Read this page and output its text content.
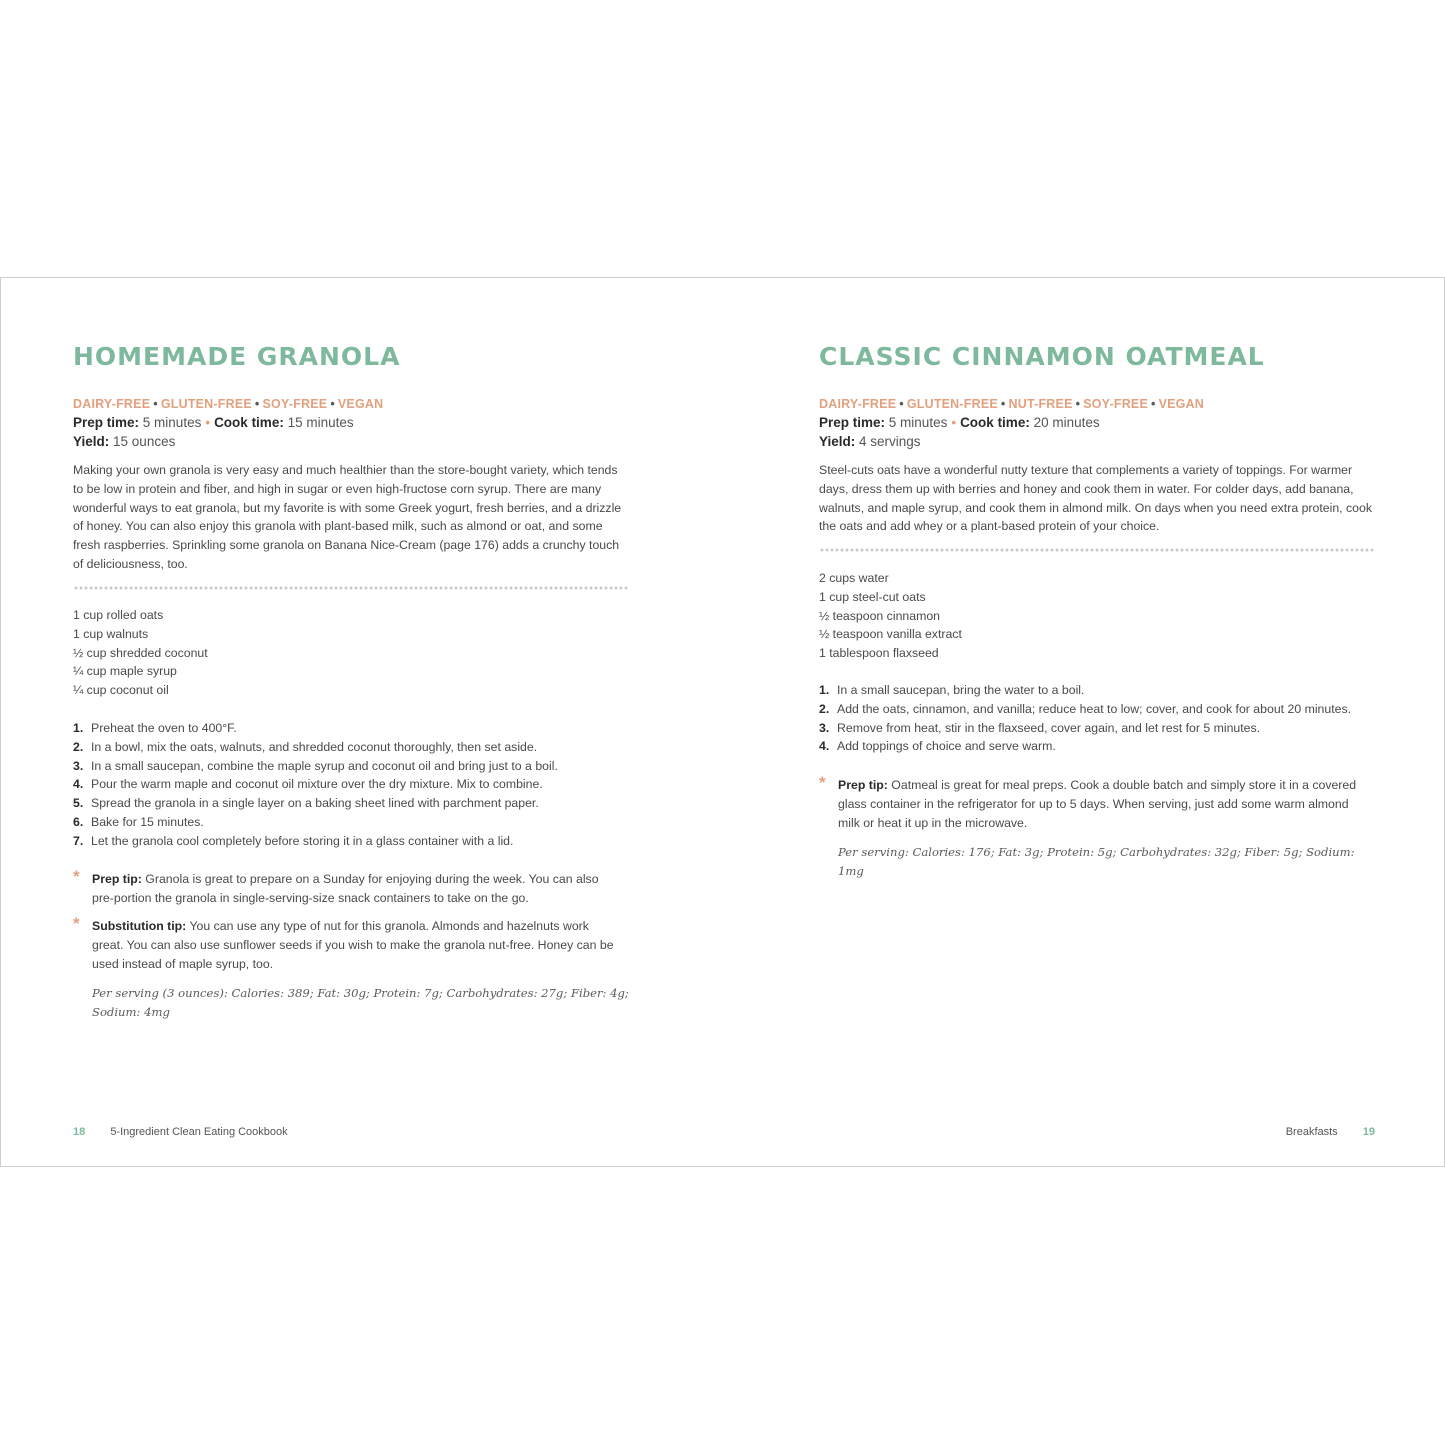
HOMEMADE GRANOLA
DAIRY-FREE • GLUTEN-FREE • SOY-FREE • VEGAN
Prep time: 5 minutes • Cook time: 15 minutes
Yield: 15 ounces
Making your own granola is very easy and much healthier than the store-bought variety, which tends to be low in protein and fiber, and high in sugar or even high-fructose corn syrup. There are many wonderful ways to eat granola, but my favorite is with some Greek yogurt, fresh berries, and a drizzle of honey. You can also enjoy this granola with plant-based milk, such as almond or oat, and some fresh raspberries. Sprinkling some granola on Banana Nice-Cream (page 176) adds a crunchy touch of deliciousness, too.
1 cup rolled oats
1 cup walnuts
½ cup shredded coconut
¼ cup maple syrup
¼ cup coconut oil
1. Preheat the oven to 400°F.
2. In a bowl, mix the oats, walnuts, and shredded coconut thoroughly, then set aside.
3. In a small saucepan, combine the maple syrup and coconut oil and bring just to a boil.
4. Pour the warm maple and coconut oil mixture over the dry mixture. Mix to combine.
5. Spread the granola in a single layer on a baking sheet lined with parchment paper.
6. Bake for 15 minutes.
7. Let the granola cool completely before storing it in a glass container with a lid.
* Prep tip: Granola is great to prepare on a Sunday for enjoying during the week. You can also pre-portion the granola in single-serving-size snack containers to take on the go.
* Substitution tip: You can use any type of nut for this granola. Almonds and hazelnuts work great. You can also use sunflower seeds if you wish to make the granola nut-free. Honey can be used instead of maple syrup, too.
Per serving (3 ounces): Calories: 389; Fat: 30g; Protein: 7g; Carbohydrates: 27g; Fiber: 4g; Sodium: 4mg
18 5-Ingredient Clean Eating Cookbook
CLASSIC CINNAMON OATMEAL
DAIRY-FREE • GLUTEN-FREE • NUT-FREE • SOY-FREE • VEGAN
Prep time: 5 minutes • Cook time: 20 minutes
Yield: 4 servings
Steel-cuts oats have a wonderful nutty texture that complements a variety of toppings. For warmer days, dress them up with berries and honey and cook them in water. For colder days, add banana, walnuts, and maple syrup, and cook them in almond milk. On days when you need extra protein, cook the oats and add whey or a plant-based protein of your choice.
2 cups water
1 cup steel-cut oats
½ teaspoon cinnamon
½ teaspoon vanilla extract
1 tablespoon flaxseed
1. In a small saucepan, bring the water to a boil.
2. Add the oats, cinnamon, and vanilla; reduce heat to low; cover, and cook for about 20 minutes.
3. Remove from heat, stir in the flaxseed, cover again, and let rest for 5 minutes.
4. Add toppings of choice and serve warm.
* Prep tip: Oatmeal is great for meal preps. Cook a double batch and simply store it in a covered glass container in the refrigerator for up to 5 days. When serving, just add some warm almond milk or heat it up in the microwave.
Per serving: Calories: 176; Fat: 3g; Protein: 5g; Carbohydrates: 32g; Fiber: 5g; Sodium: 1mg
Breakfasts 19
